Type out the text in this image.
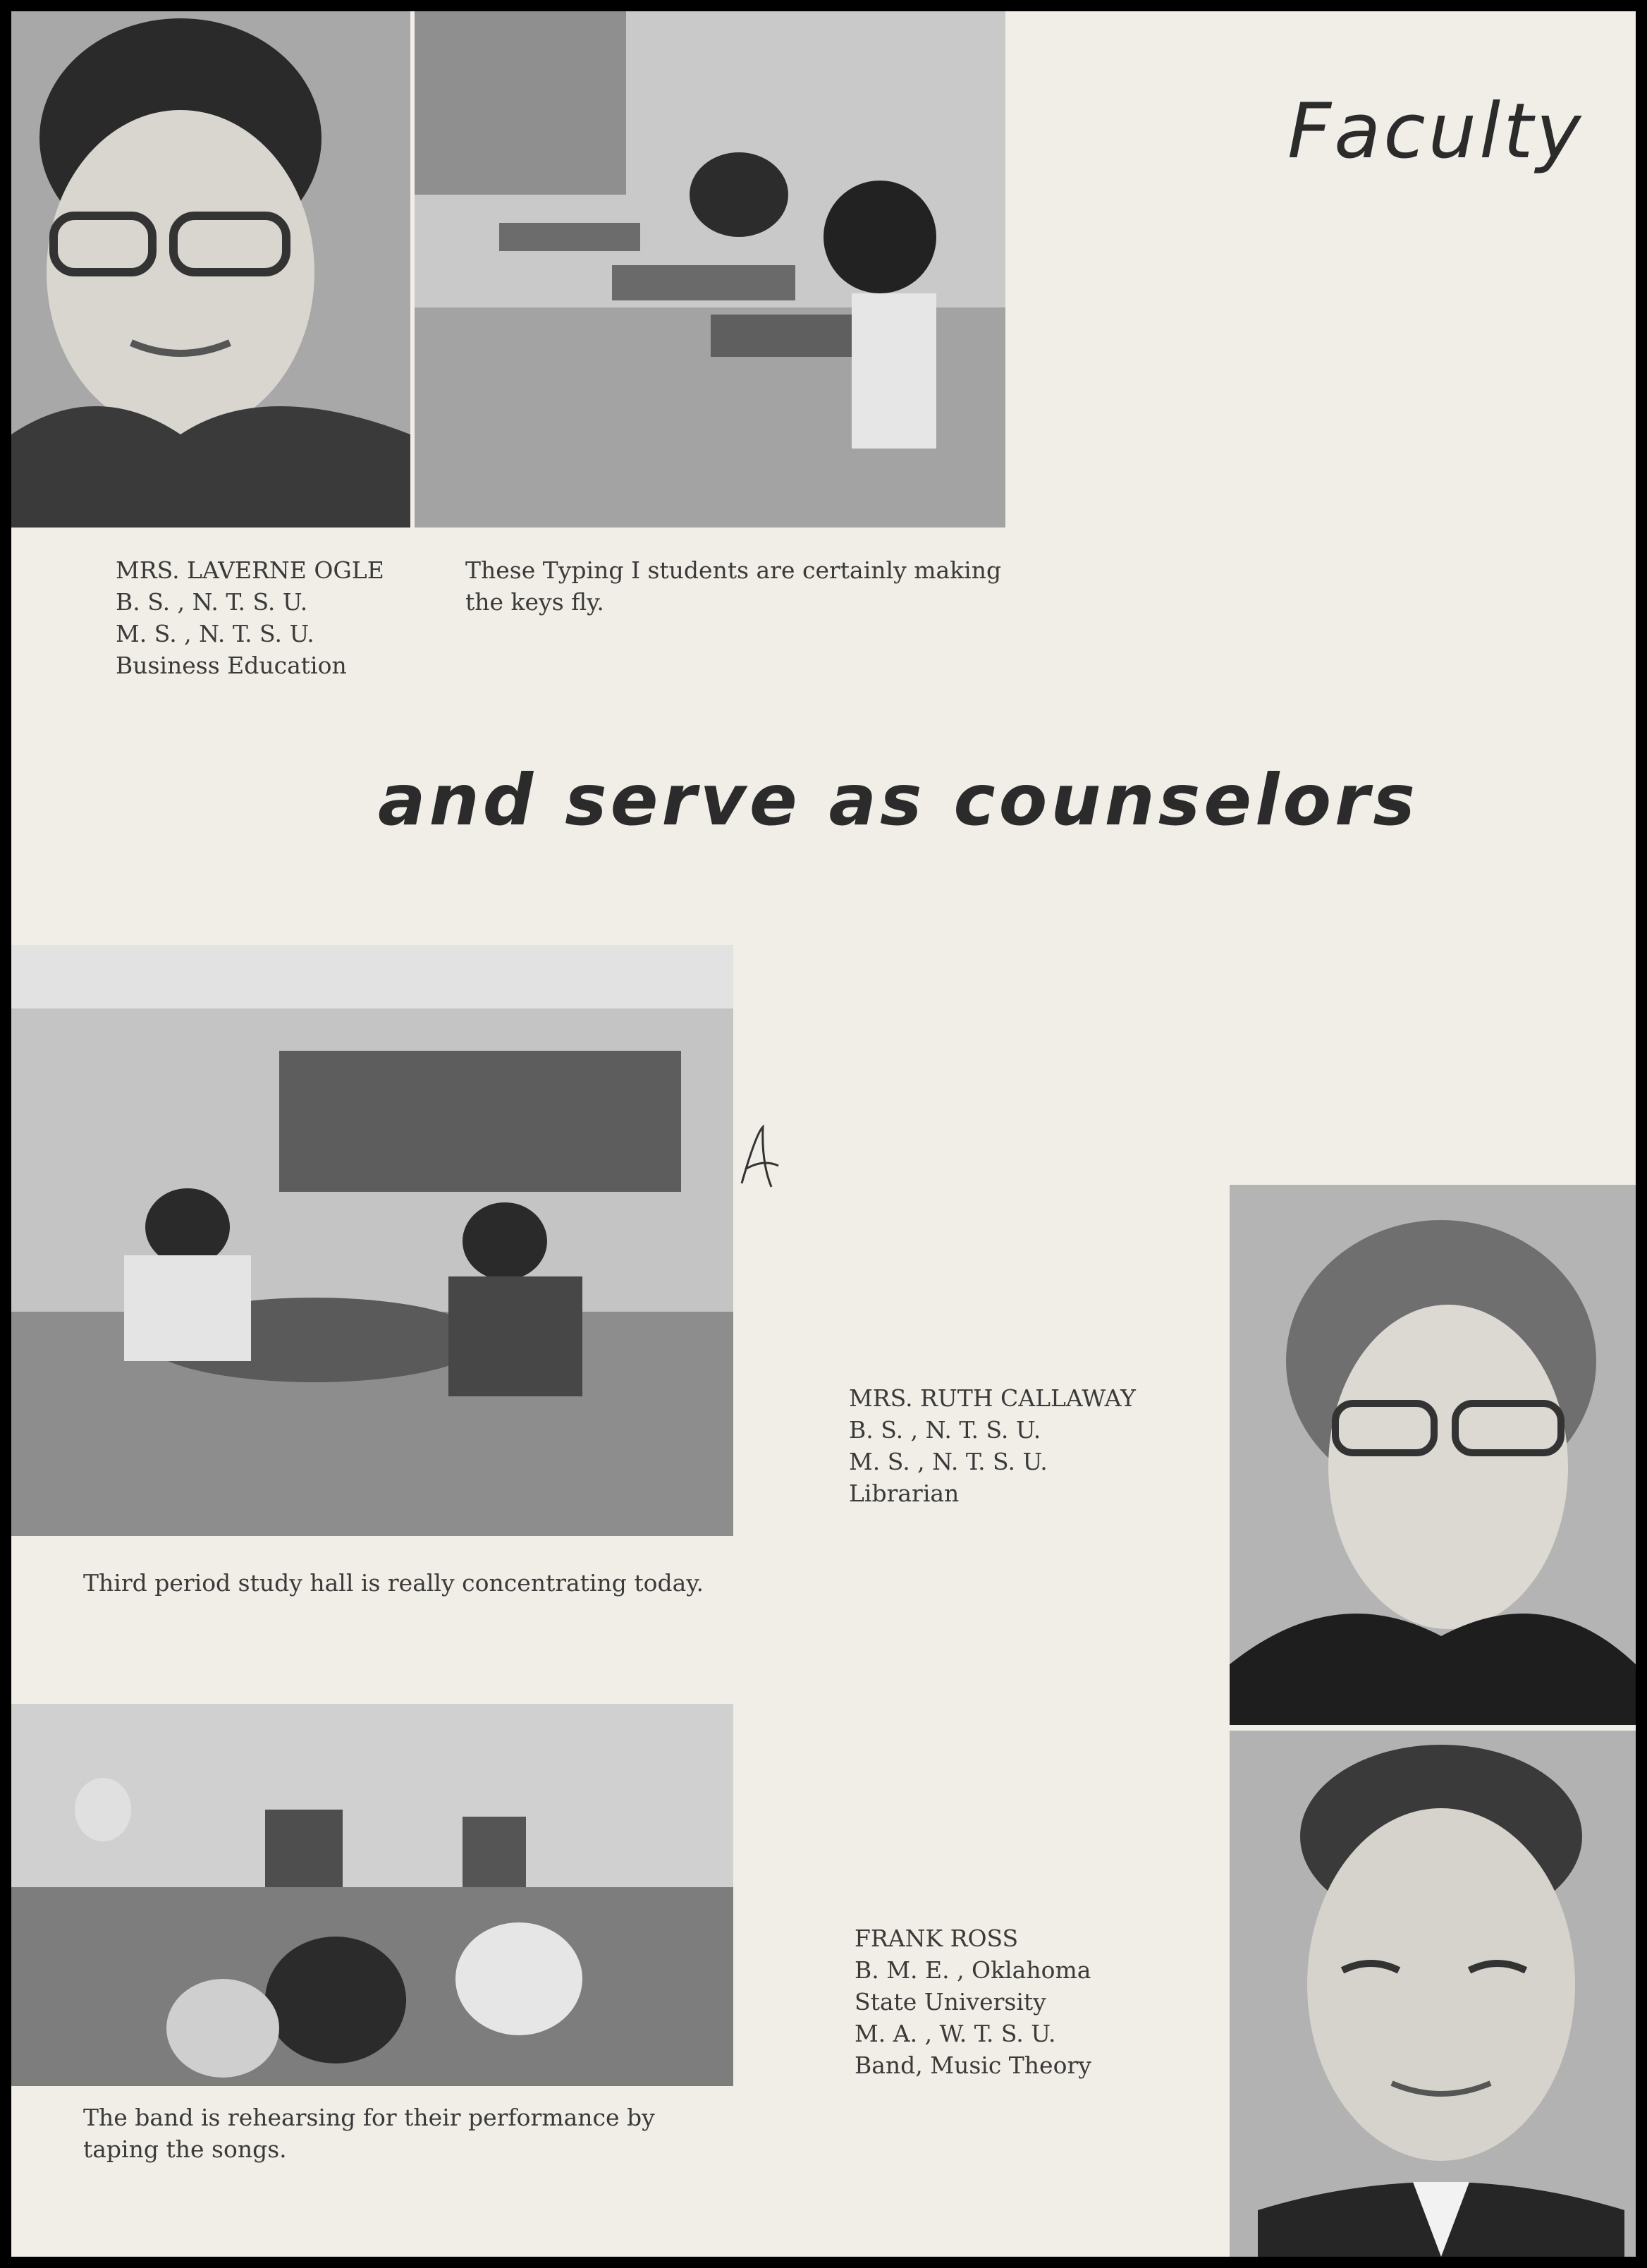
Faculty
MRS. LAVERNE OGLE
B. S. , N. T. S. U.
M. S. , N. T. S. U.
Business Education
These Typing I students are certainly making
the keys fly.
and serve as counselors
MRS. RUTH CALLAWAY
B. S. , N. T. S. U.
M. S. , N. T. S. U.
Librarian
Third period study hall is really concentrating today.
FRANK ROSS
B. M. E. , Oklahoma
State University
M. A. , W. T. S. U.
Band, Music Theory
The band is rehearsing for their performance by
taping the songs.
